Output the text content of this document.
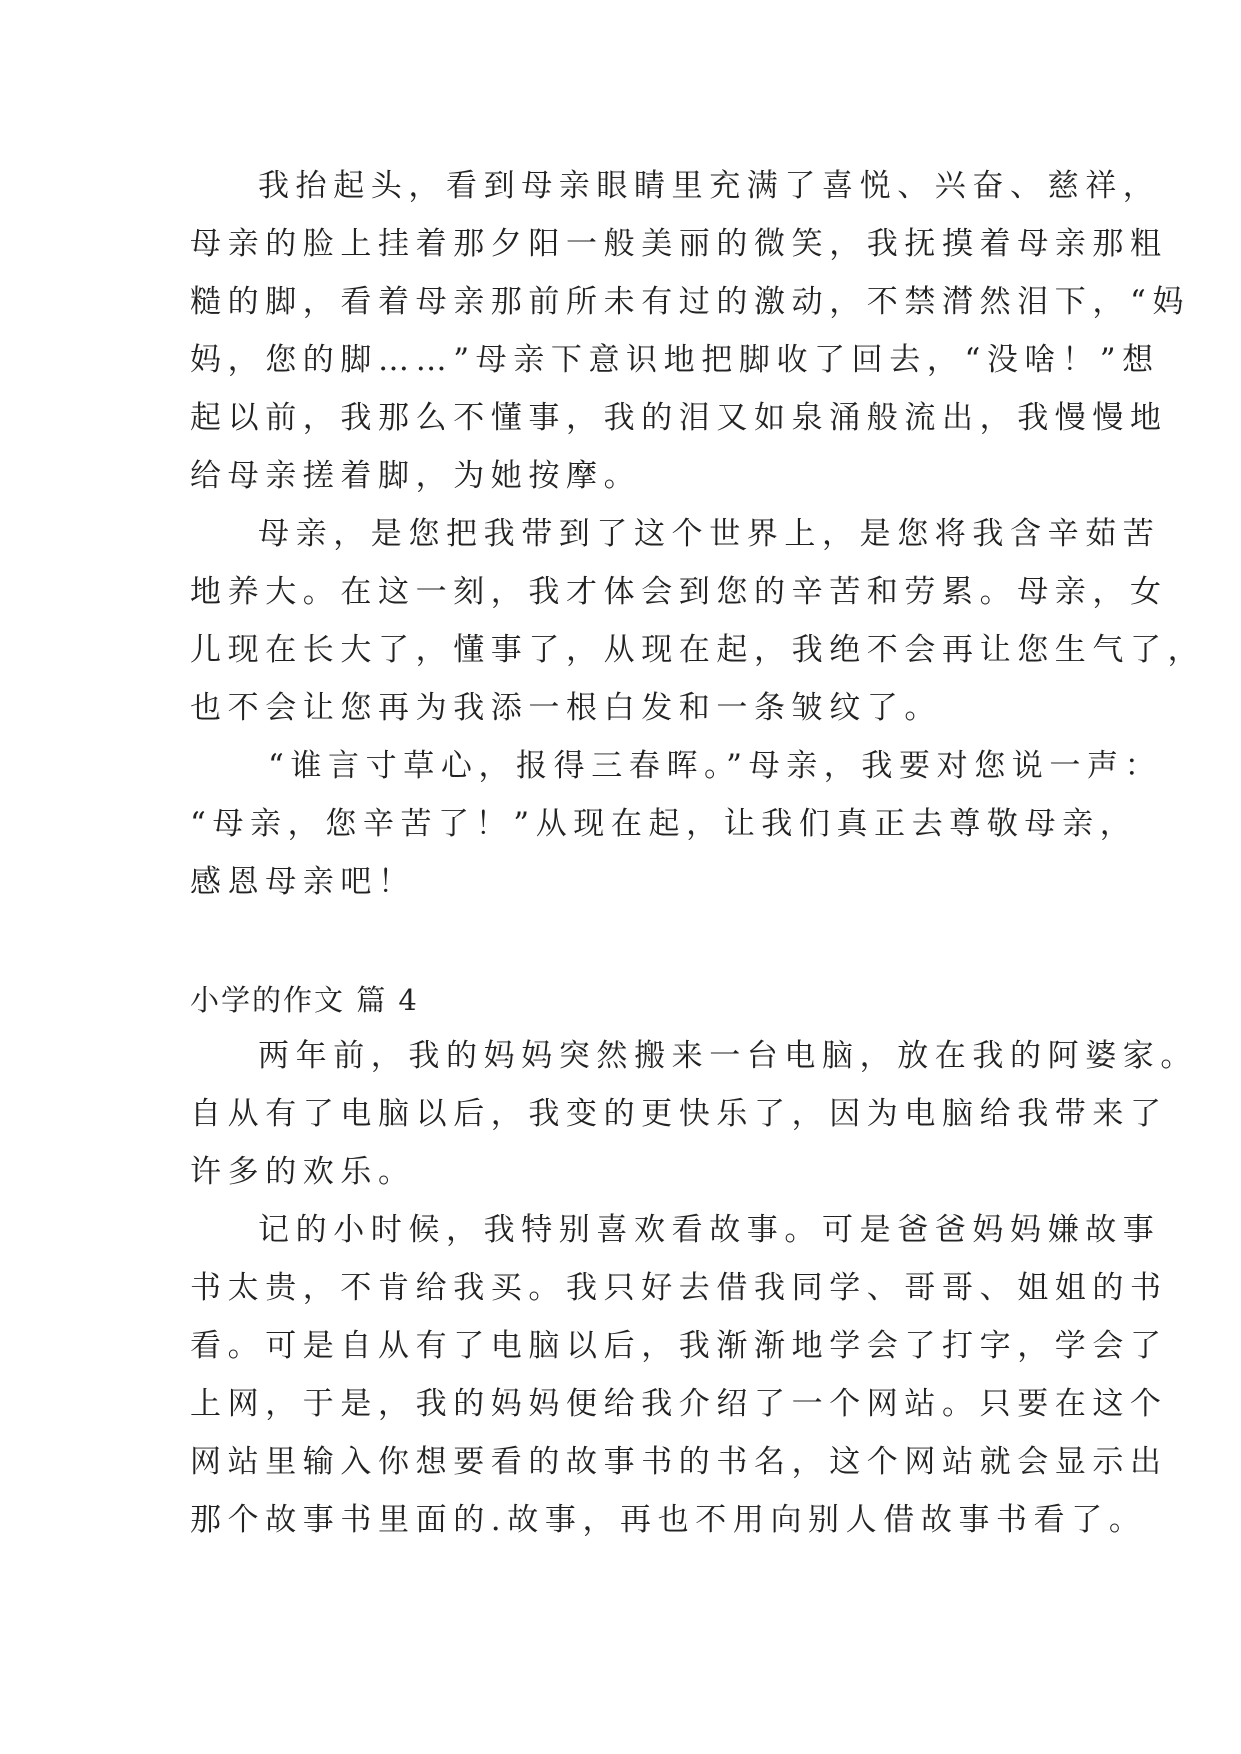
我抬起头，看到母亲眼睛里充满了喜悦、兴奋、慈祥，
母亲的脸上挂着那夕阳一般美丽的微笑，我抚摸着母亲那粗
糙的脚，看着母亲那前所未有过的激动，不禁潸然泪下，“妈
妈，您的脚……”母亲下意识地把脚收了回去，“没啥！”想
起以前，我那么不懂事，我的泪又如泉涌般流出，我慢慢地
给母亲搓着脚，为她按摩。
母亲，是您把我带到了这个世界上，是您将我含辛茹苦
地养大。在这一刻，我才体会到您的辛苦和劳累。母亲，女
儿现在长大了，懂事了，从现在起，我绝不会再让您生气了，
也不会让您再为我添一根白发和一条皱纹了。
“谁言寸草心，报得三春晖。”母亲，我要对您说一声：
“母亲，您辛苦了！”从现在起，让我们真正去尊敬母亲，
感恩母亲吧！
小学的作文 篇 4
两年前，我的妈妈突然搬来一台电脑，放在我的阿婆家。
自从有了电脑以后，我变的更快乐了，因为电脑给我带来了
许多的欢乐。
记的小时候，我特别喜欢看故事。可是爸爸妈妈嫌故事
书太贵，不肯给我买。我只好去借我同学、哥哥、姐姐的书
看。可是自从有了电脑以后，我渐渐地学会了打字，学会了
上网，于是，我的妈妈便给我介绍了一个网站。只要在这个
网站里输入你想要看的故事书的书名，这个网站就会显示出
那个故事书里面的.故事，再也不用向别人借故事书看了。
